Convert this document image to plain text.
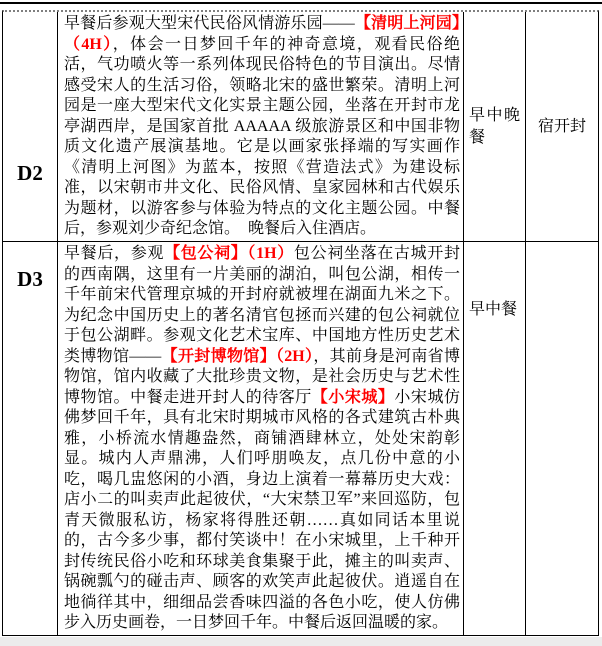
D2
早餐后参观大型宋代民俗风情游乐园——【清明上河园】（4H），体会一日梦回千年的神奇意境，观看民俗绝活，气功喷火等一系列体现民俗特色的节目演出。尽情感受宋人的生活习俗，领略北宋的盛世繁荣。清明上河园是一座大型宋代文化实景主题公园，坐落在开封市龙亭湖西岸，是国家首批 AAAAA 级旅游景区和中国非物质文化遗产展演基地。它是以画家张择端的写实画作《清明上河图》为蓝本，按照《营造法式》为建设标准，以宋朝市井文化、民俗风情、皇家园林和古代娱乐为题材，以游客参与体验为特点的文化主题公园。中餐后，参观刘少奇纪念馆。　晚餐后入住酒店。
早中晚餐
宿开封
D3
早餐后，参观【包公祠】（1H）包公祠坐落在古城开封的西南隅，这里有一片美丽的湖泊，叫包公湖，相传一千年前宋代管理京城的开封府就被埋在湖面九米之下。为纪念中国历史上的著名清官包拯而兴建的包公祠就位于包公湖畔。参观文化艺术宝库、中国地方性历史艺术类博物馆——【开封博物馆】（2H），其前身是河南省博物馆，馆内收藏了大批珍贵文物，是社会历史与艺术性博物馆。中餐走进开封人的待客厅【小宋城】小宋城仿佛梦回千年，具有北宋时期城市风格的各式建筑古朴典雅，小桥流水情趣盎然，商铺酒肆林立，处处宋韵彰显。城内人声鼎沸，人们呼朋唤友，点几份中意的小吃，喝几盅悠闲的小酒，身边上演着一幕幕历史大戏：店小二的叫卖声此起彼伏，“大宋禁卫军”来回巡防，包青天微服私访，杨家将得胜还朝……真如同话本里说的，古今多少事，都付笑谈中！在小宋城里，上千种开封传统民俗小吃和环球美食集聚于此，摊主的叫卖声、锅碗瓢勺的碰击声、顾客的欢笑声此起彼伏。逍遥自在地徜徉其中，细细品尝香味四溢的各色小吃，使人仿佛步入历史画卷，一日梦回千年。中餐后返回温暖的家。
早中餐
